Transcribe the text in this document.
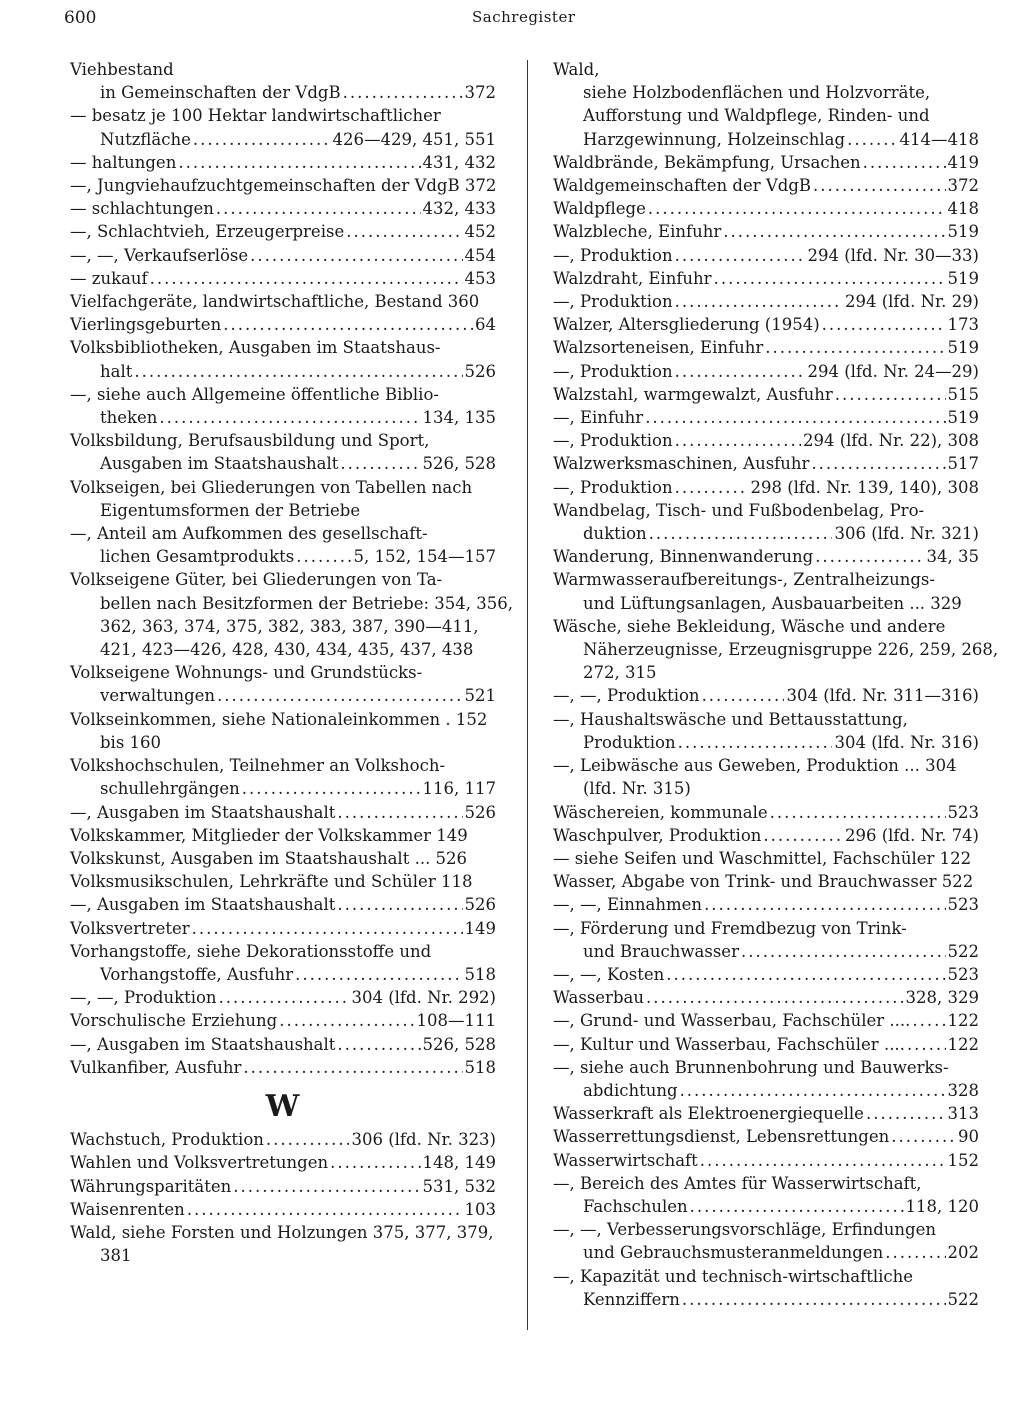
600	Sachregister
Viehbestand
in Gemeinschaften der VdgB .....	372
— besatz je 100 Hektar landwirtschaftlicher
Nutzfläche .....	426—429, 451, 551
— haltungen .....	431, 432
—, Jungviehaufzuchtgemeinschaften der VdgB 372
— schlachtungen .....	432, 433
—, Schlachtvieh, Erzeugerpreise .....	452
—, —, Verkaufserlöse .....	454
— zukauf .....	453
Vielfachgeräte, landwirtschaftliche, Bestand 360
Vierlingsgeburten .....	64
Volksbibliotheken, Ausgaben im Staatshaus-
halt .....	526
—, siehe auch Allgemeine öffentliche Biblio-
theken .....	134, 135
Volksbildung, Berufsausbildung und Sport,
Ausgaben im Staatshaushalt .....	526, 528
Volkseigen, bei Gliederungen von Tabellen nach
Eigentumsformen der Betriebe
—, Anteil am Aufkommen des gesellschaft-
lichen Gesamtprodukts .....	5, 152, 154—157
Volkseigene Güter, bei Gliederungen von Ta-
bellen nach Besitzformen der Betriebe: 354, 356,
362, 363, 374, 375, 382, 383, 387, 390—411,
421, 423—426, 428, 430, 434, 435, 437, 438
Volkseigene Wohnungs- und Grundstücks-
verwaltungen .....	521
Volkseinkommen, siehe Nationaleinkommen . 152
bis 160
Volkshochschulen, Teilnehmer an Volkshoch-
schullehrgängen .....	116, 117
—, Ausgaben im Staatshaushalt .....	526
Volkskammer, Mitglieder der Volkskammer 149
Volkskunst, Ausgaben im Staatshaushalt ... 526
Volksmusikschulen, Lehrkräfte und Schüler 118
—, Ausgaben im Staatshaushalt .....	526
Volksvertreter .....	149
Vorhangstoffe, siehe Dekorationsstoffe und
Vorhangstoffe, Ausfuhr .....	518
—, —, Produktion .....	304 (lfd. Nr. 292)
Vorschulische Erziehung .....	108—111
—, Ausgaben im Staatshaushalt .....	526, 528
Vulkanfiber, Ausfuhr .....	518
W
Wachstuch, Produktion .....	306 (lfd. Nr. 323)
Wahlen und Volksvertretungen .....	148, 149
Währungsparitäten .....	531, 532
Waisenrenten .....	103
Wald, siehe Forsten und Holzungen 375, 377, 379,
381
Wald,
siehe Holzbodenflächen und Holzvorräte,
Aufforstung und Waldpflege, Rinden- und
Harzgewinnung, Holzeinschlag .....	414—418
Waldbrände, Bekämpfung, Ursachen .....	419
Waldgemeinschaften der VdgB .....	372
Waldpflege .....	418
Walzbleche, Einfuhr .....	519
—, Produktion .....	294 (lfd. Nr. 30—33)
Walzdraht, Einfuhr .....	519
—, Produktion .....	294 (lfd. Nr. 29)
Walzer, Altersgliederung (1954) .....	173
Walzsorteneisen, Einfuhr .....	519
—, Produktion .....	294 (lfd. Nr. 24—29)
Walzstahl, warmgewalzt, Ausfuhr .....	515
—, Einfuhr .....	519
—, Produktion .....	294 (lfd. Nr. 22), 308
Walzwerksmaschinen, Ausfuhr .....	517
—, Produktion .....	298 (lfd. Nr. 139, 140), 308
Wandbelag, Tisch- und Fußbodenbelag, Pro-
duktion .....	306 (lfd. Nr. 321)
Wanderung, Binnenwanderung .....	34, 35
Warmwasseraufbereitungs-, Zentralheizungs-
und Lüftungsanlagen, Ausbauarbeiten ... 329
Wäsche, siehe Bekleidung, Wäsche und andere
Näherzeugnisse, Erzeugnisgruppe 226, 259, 268,
272, 315
—, —, Produktion .....	304 (lfd. Nr. 311—316)
—, Haushaltswäsche und Bettausstattung,
Produktion .....	304 (lfd. Nr. 316)
—, Leibwäsche aus Geweben, Produktion ... 304
(lfd. Nr. 315)
Wäschereien, kommunale .....	523
Waschpulver, Produktion .....	296 (lfd. Nr. 74)
— siehe Seifen und Waschmittel, Fachschüler 122
Wasser, Abgabe von Trink- und Brauchwasser 522
—, —, Einnahmen .....	523
—, Förderung und Fremdbezug von Trink-
und Brauchwasser .....	522
—, —, Kosten .....	523
Wasserbau .....	328, 329
—, Grund- und Wasserbau, Fachschüler .... ..... 122
—, Kultur und Wasserbau, Fachschüler .... .....	122
—, siehe auch Brunnenbohrung und Bauwerks-
abdichtung .....	328
Wasserkraft als Elektroenergiequelle .....	313
Wasserrettungsdienst, Lebensrettungen .....	90
Wasserwirtschaft .....	152
—, Bereich des Amtes für Wasserwirtschaft,
Fachschulen .....	118, 120
—, —, Verbesserungsvorschläge, Erfindungen
und Gebrauchsmusteranmeldungen .....	202
—, Kapazität und technisch-wirtschaftliche
Kennziffern .....	522
